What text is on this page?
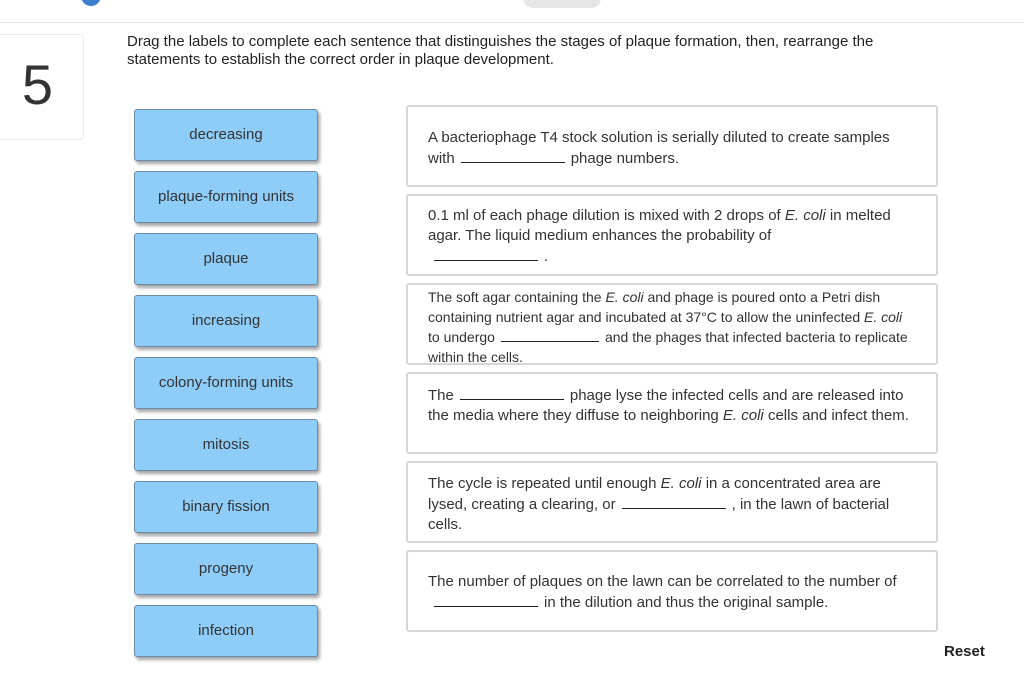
5
Drag the labels to complete each sentence that distinguishes the stages of plaque formation, then, rearrange the statements to establish the correct order in plaque development.
decreasing
plaque-forming units
plaque
increasing
colony-forming units
mitosis
binary fission
progeny
infection
A bacteriophage T4 stock solution is serially diluted to create samples with	phage numbers.
0.1 ml of each phage dilution is mixed with 2 drops of E. coli in melted agar. The liquid medium enhances the probability of
.
The soft agar containing the E. coli and phage is poured onto a Petri dish containing nutrient agar and incubated at 37°C to allow the uninfected E. coli to undergo	and the phages that infected bacteria to replicate within the cells.
The	phage lyse the infected cells and are released into the media where they diffuse to neighboring E. coli cells and infect them.
The cycle is repeated until enough E. coli in a concentrated area are lysed, creating a clearing, or	, in the lawn of bacterial cells.
The number of plaques on the lawn can be correlated to the number ofin the dilution and thus the original sample.
Reset
